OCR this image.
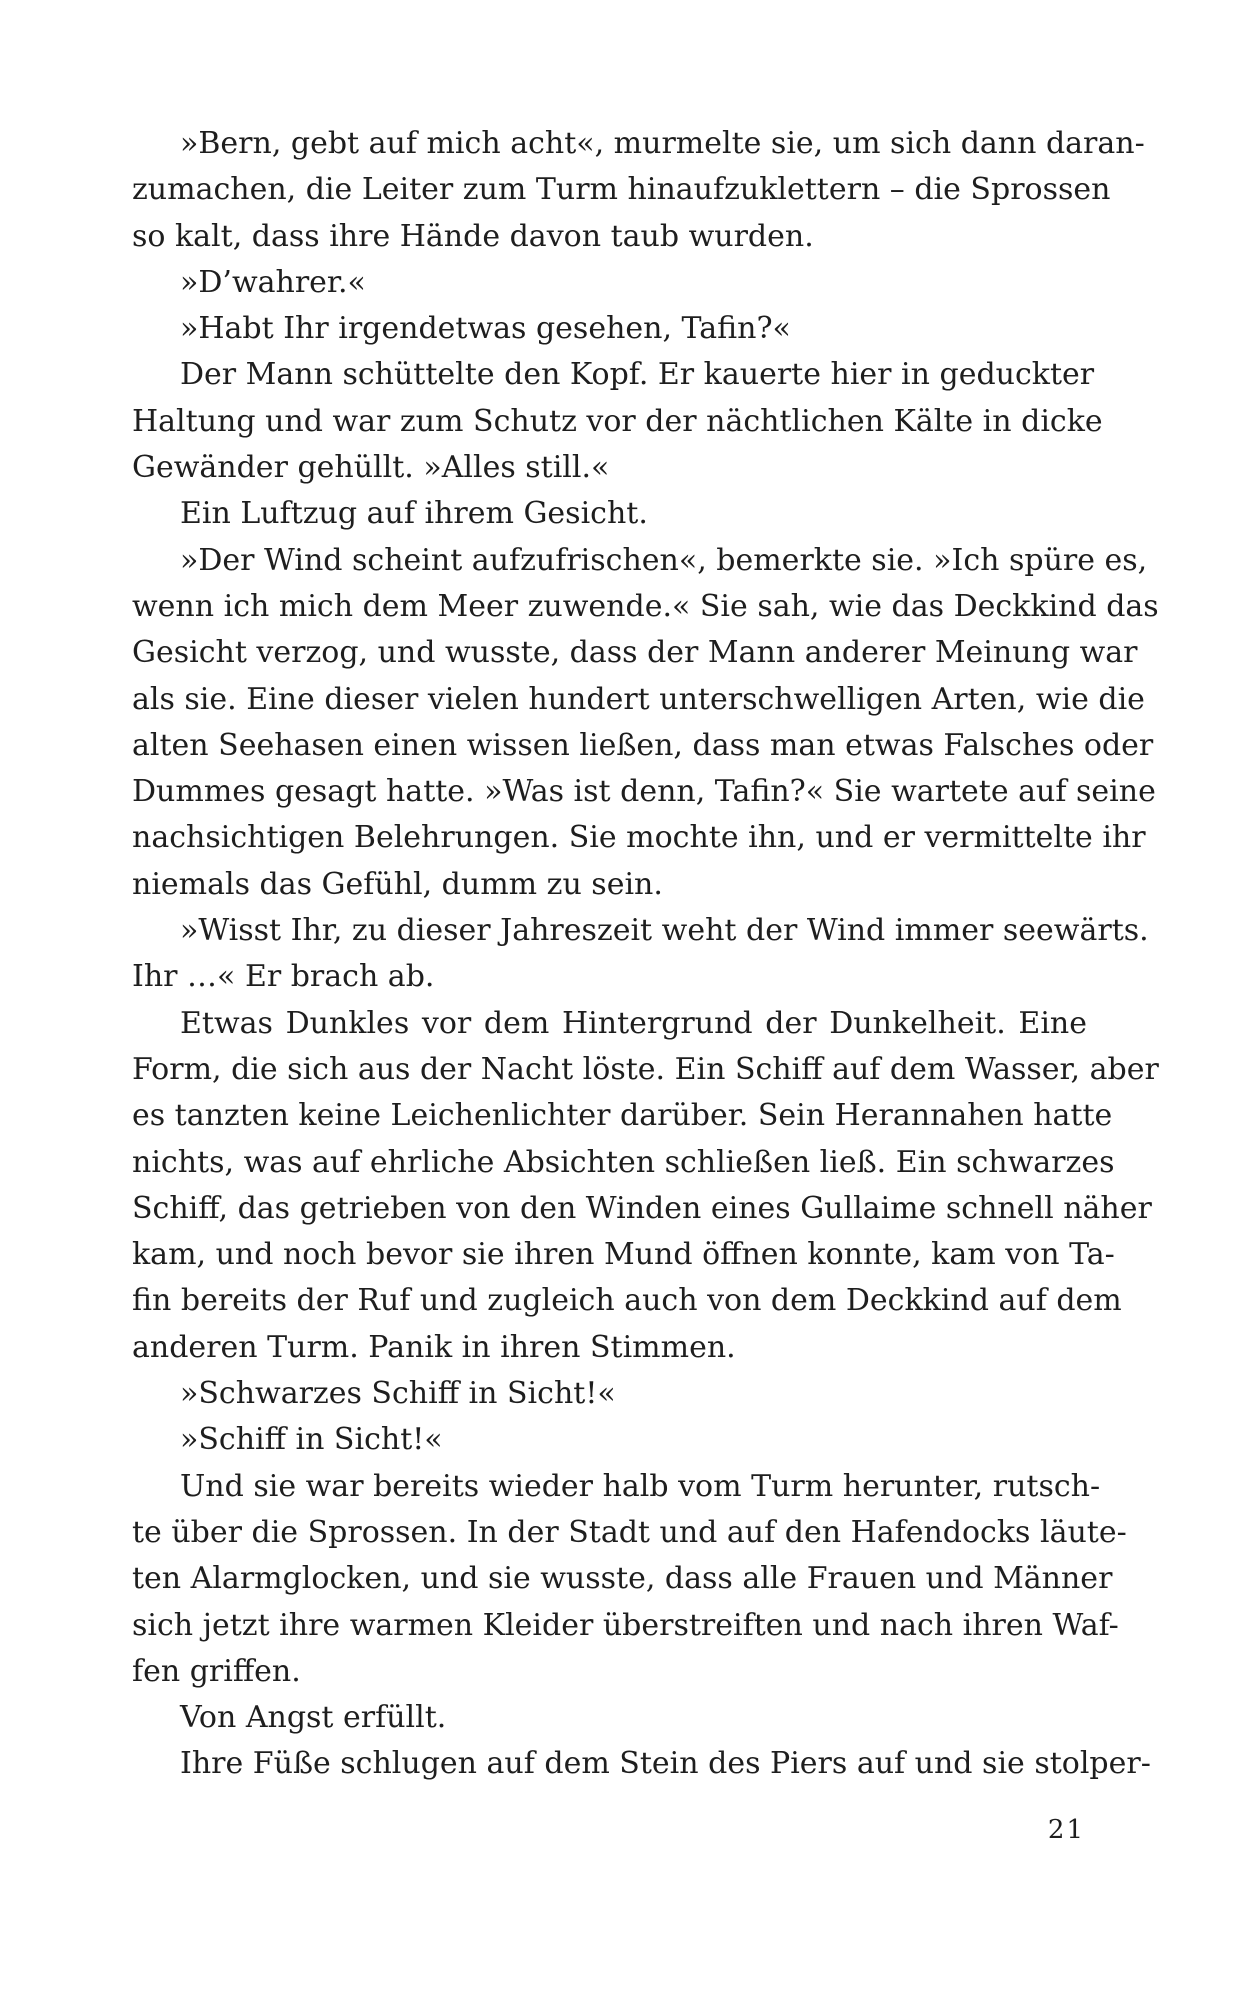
»Bern, gebt auf mich acht«, murmelte sie, um sich dann daran-
zumachen, die Leiter zum Turm hinaufzuklettern – die Sprossen
so kalt, dass ihre Hände davon taub wurden.
»D’wahrer.«
»Habt Ihr irgendetwas gesehen, Tafin?«
Der Mann schüttelte den Kopf. Er kauerte hier in geduckter
Haltung und war zum Schutz vor der nächtlichen Kälte in dicke
Gewänder gehüllt. »Alles still.«
Ein Luftzug auf ihrem Gesicht.
»Der Wind scheint aufzufrischen«, bemerkte sie. »Ich spüre es,
wenn ich mich dem Meer zuwende.« Sie sah, wie das Deckkind das
Gesicht verzog, und wusste, dass der Mann anderer Meinung war
als sie. Eine dieser vielen hundert unterschwelligen Arten, wie die
alten Seehasen einen wissen ließen, dass man etwas Falsches oder
Dummes gesagt hatte. »Was ist denn, Tafin?« Sie wartete auf seine
nachsichtigen Belehrungen. Sie mochte ihn, und er vermittelte ihr
niemals das Gefühl, dumm zu sein.
»Wisst Ihr, zu dieser Jahreszeit weht der Wind immer seewärts.
Ihr …« Er brach ab.
Etwas Dunkles vor dem Hintergrund der Dunkelheit. Eine
Form, die sich aus der Nacht löste. Ein Schiff auf dem Wasser, aber
es tanzten keine Leichenlichter darüber. Sein Herannahen hatte
nichts, was auf ehrliche Absichten schließen ließ. Ein schwarzes
Schiff, das getrieben von den Winden eines Gullaime schnell näher
kam, und noch bevor sie ihren Mund öffnen konnte, kam von Ta-
fin bereits der Ruf und zugleich auch von dem Deckkind auf dem
anderen Turm. Panik in ihren Stimmen.
»Schwarzes Schiff in Sicht!«
»Schiff in Sicht!«
Und sie war bereits wieder halb vom Turm herunter, rutsch-
te über die Sprossen. In der Stadt und auf den Hafendocks läute-
ten Alarmglocken, und sie wusste, dass alle Frauen und Männer
sich jetzt ihre warmen Kleider überstreiften und nach ihren Waf-
fen griffen.
Von Angst erfüllt.
Ihre Füße schlugen auf dem Stein des Piers auf und sie stolper-
21
